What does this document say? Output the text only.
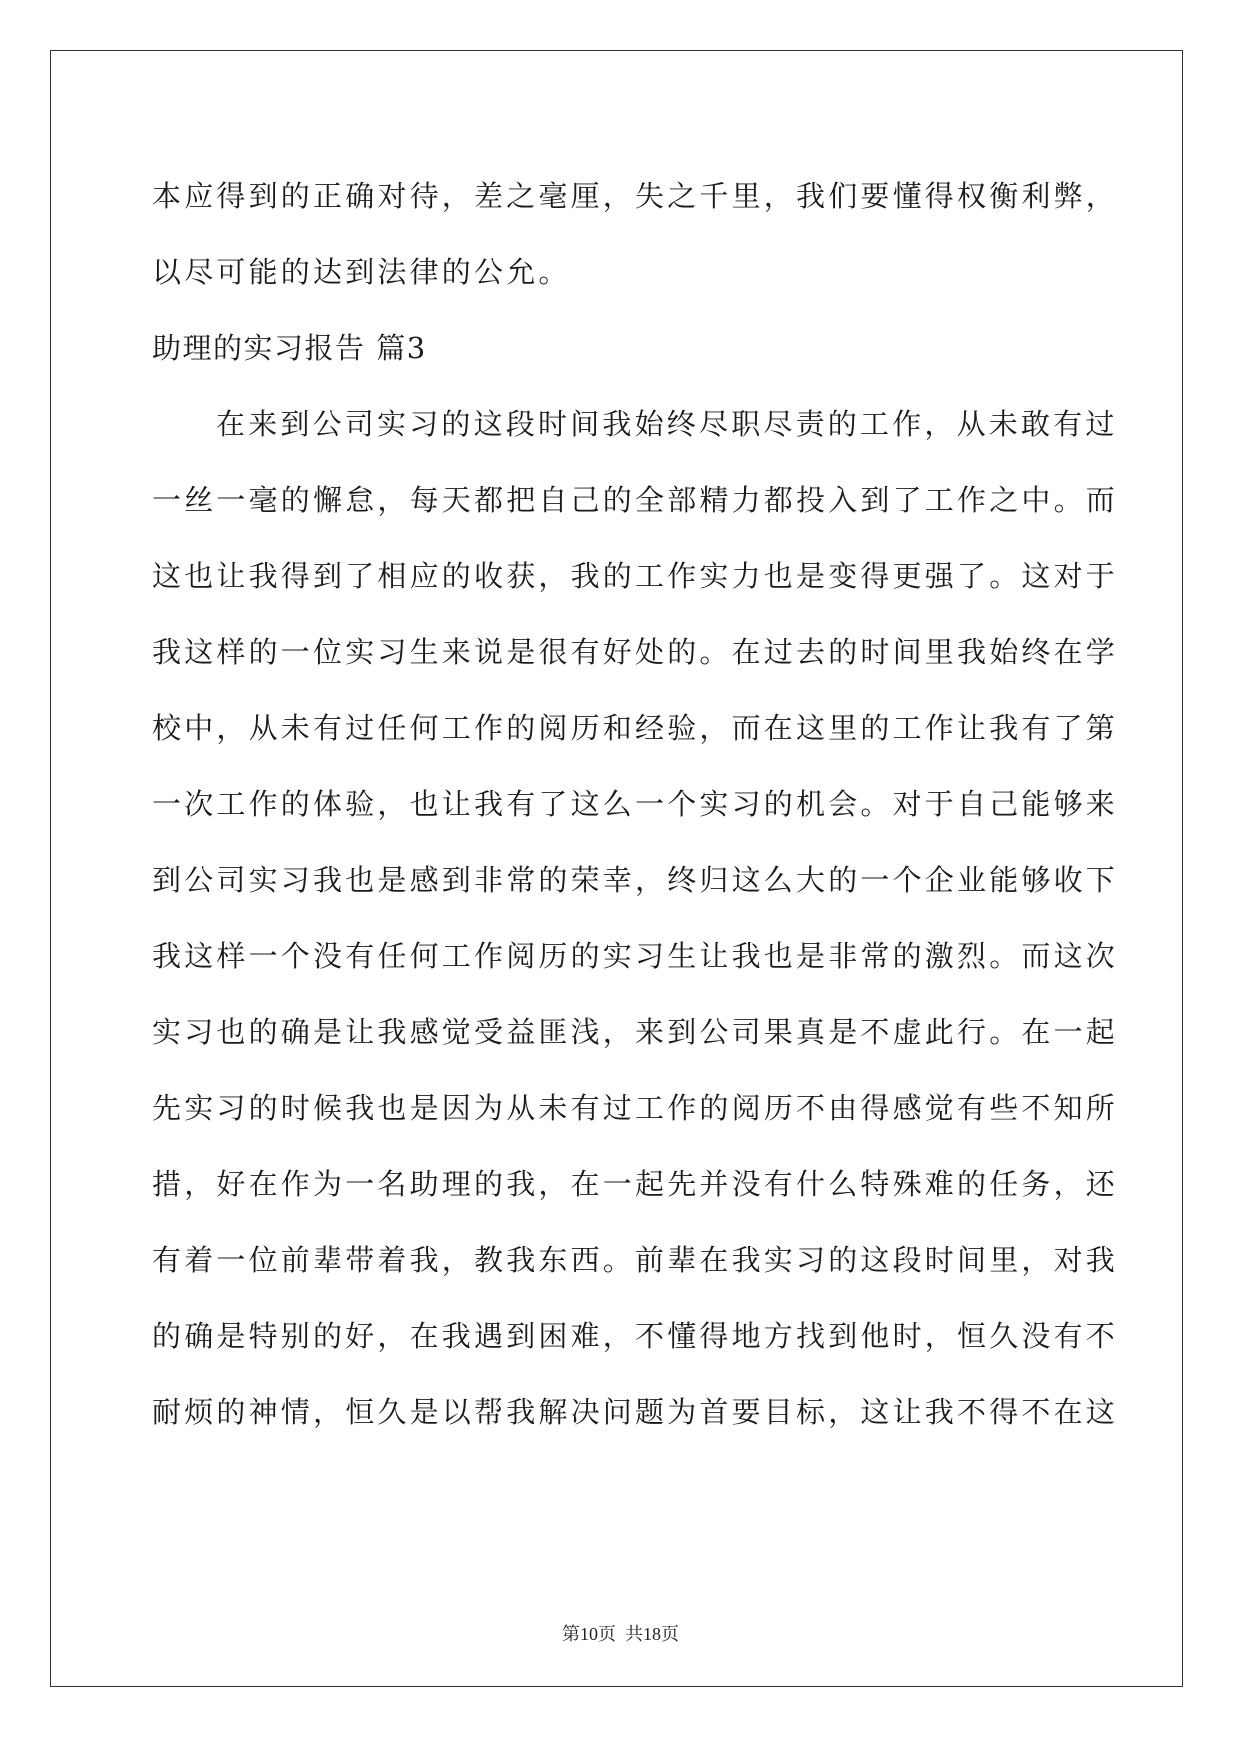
本应得到的正确对待，差之毫厘，失之千里，我们要懂得权衡利弊，
以尽可能的达到法律的公允。
助理的实习报告 篇3
在来到公司实习的这段时间我始终尽职尽责的工作，从未敢有过
一丝一毫的懈怠，每天都把自己的全部精力都投入到了工作之中。而
这也让我得到了相应的收获，我的工作实力也是变得更强了。这对于
我这样的一位实习生来说是很有好处的。在过去的时间里我始终在学
校中，从未有过任何工作的阅历和经验，而在这里的工作让我有了第
一次工作的体验，也让我有了这么一个实习的机会。对于自己能够来
到公司实习我也是感到非常的荣幸，终归这么大的一个企业能够收下
我这样一个没有任何工作阅历的实习生让我也是非常的激烈。而这次
实习也的确是让我感觉受益匪浅，来到公司果真是不虚此行。在一起
先实习的时候我也是因为从未有过工作的阅历不由得感觉有些不知所
措，好在作为一名助理的我，在一起先并没有什么特殊难的任务，还
有着一位前辈带着我，教我东西。前辈在我实习的这段时间里，对我
的确是特别的好，在我遇到困难，不懂得地方找到他时，恒久没有不
耐烦的神情，恒久是以帮我解决问题为首要目标，这让我不得不在这
第10页  共18页
